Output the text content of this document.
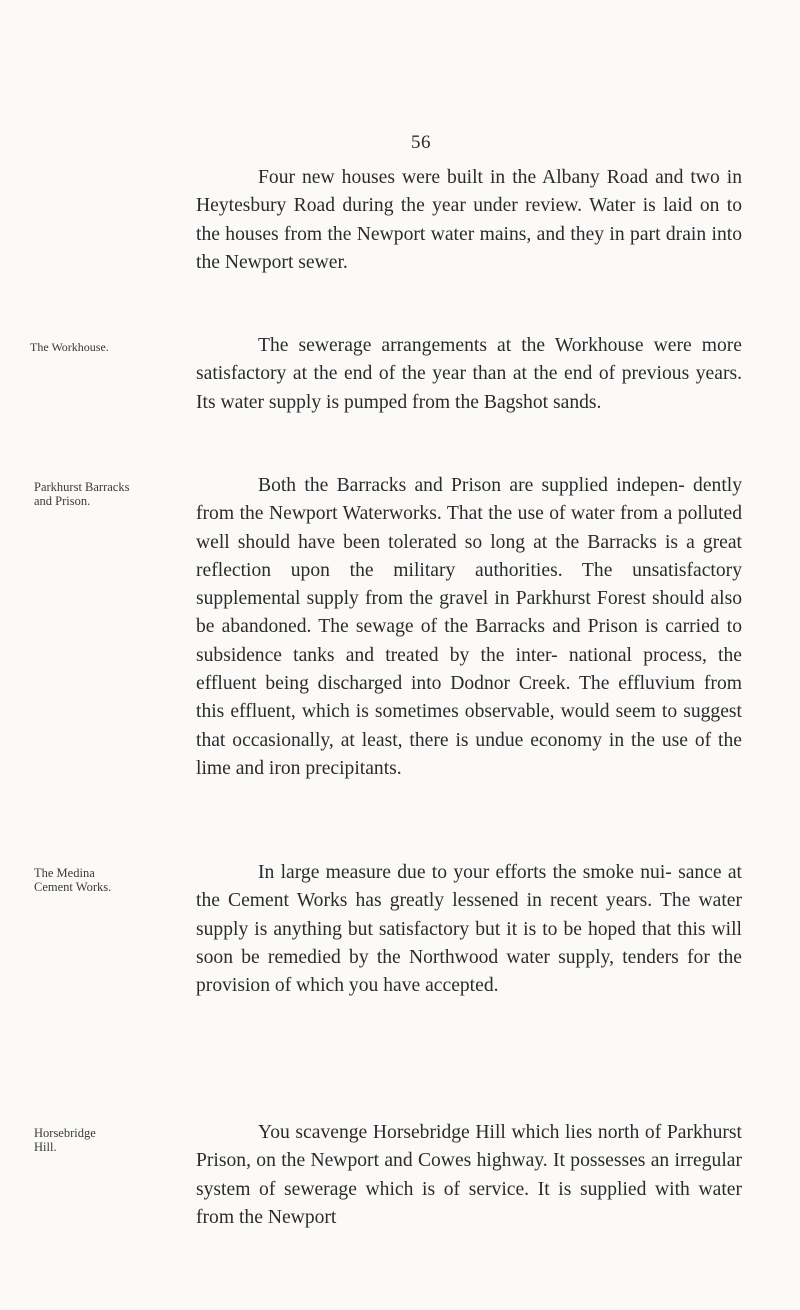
56

Four new houses were built in the Albany Road and two in Heytesbury Road during the year under review. Water is laid on to the houses from the Newport water mains, and they in part drain into the Newport sewer.

The Workhouse.	The sewerage arrangements at the Workhouse were more satisfactory at the end of the year than at the end of previous years. Its water supply is pumped from the Bagshot sands.

Parkhurst Barracks and Prison.

Both the Barracks and Prison are supplied indepen- dently from the Newport Waterworks. That the use of water from a polluted well should have been tolerated so long at the Barracks is a great reflection upon the military authorities. The unsatisfactory supplemental supply from the gravel in Parkhurst Forest should also be abandoned. The sewage of the Barracks and Prison is carried to subsidence tanks and treated by the inter- national process, the effluent being discharged into Dodnor Creek. The effluvium from this effluent, which is sometimes observable, would seem to suggest that occasionally, at least, there is undue economy in the use of the lime and iron precipitants.

The Medina Cement Works.

In large measure due to your efforts the smoke nui- sance at the Cement Works has greatly lessened in recent years. The water supply is anything but satisfactory but it is to be hoped that this will soon be remedied by the Northwood water supply, tenders for the provision of which you have accepted.

Horsebridge Hill.

You scavenge Horsebridge Hill which lies north of Parkhurst Prison, on the Newport and Cowes highway. It possesses an irregular system of sewerage which is of service. It is supplied with water from the Newport
